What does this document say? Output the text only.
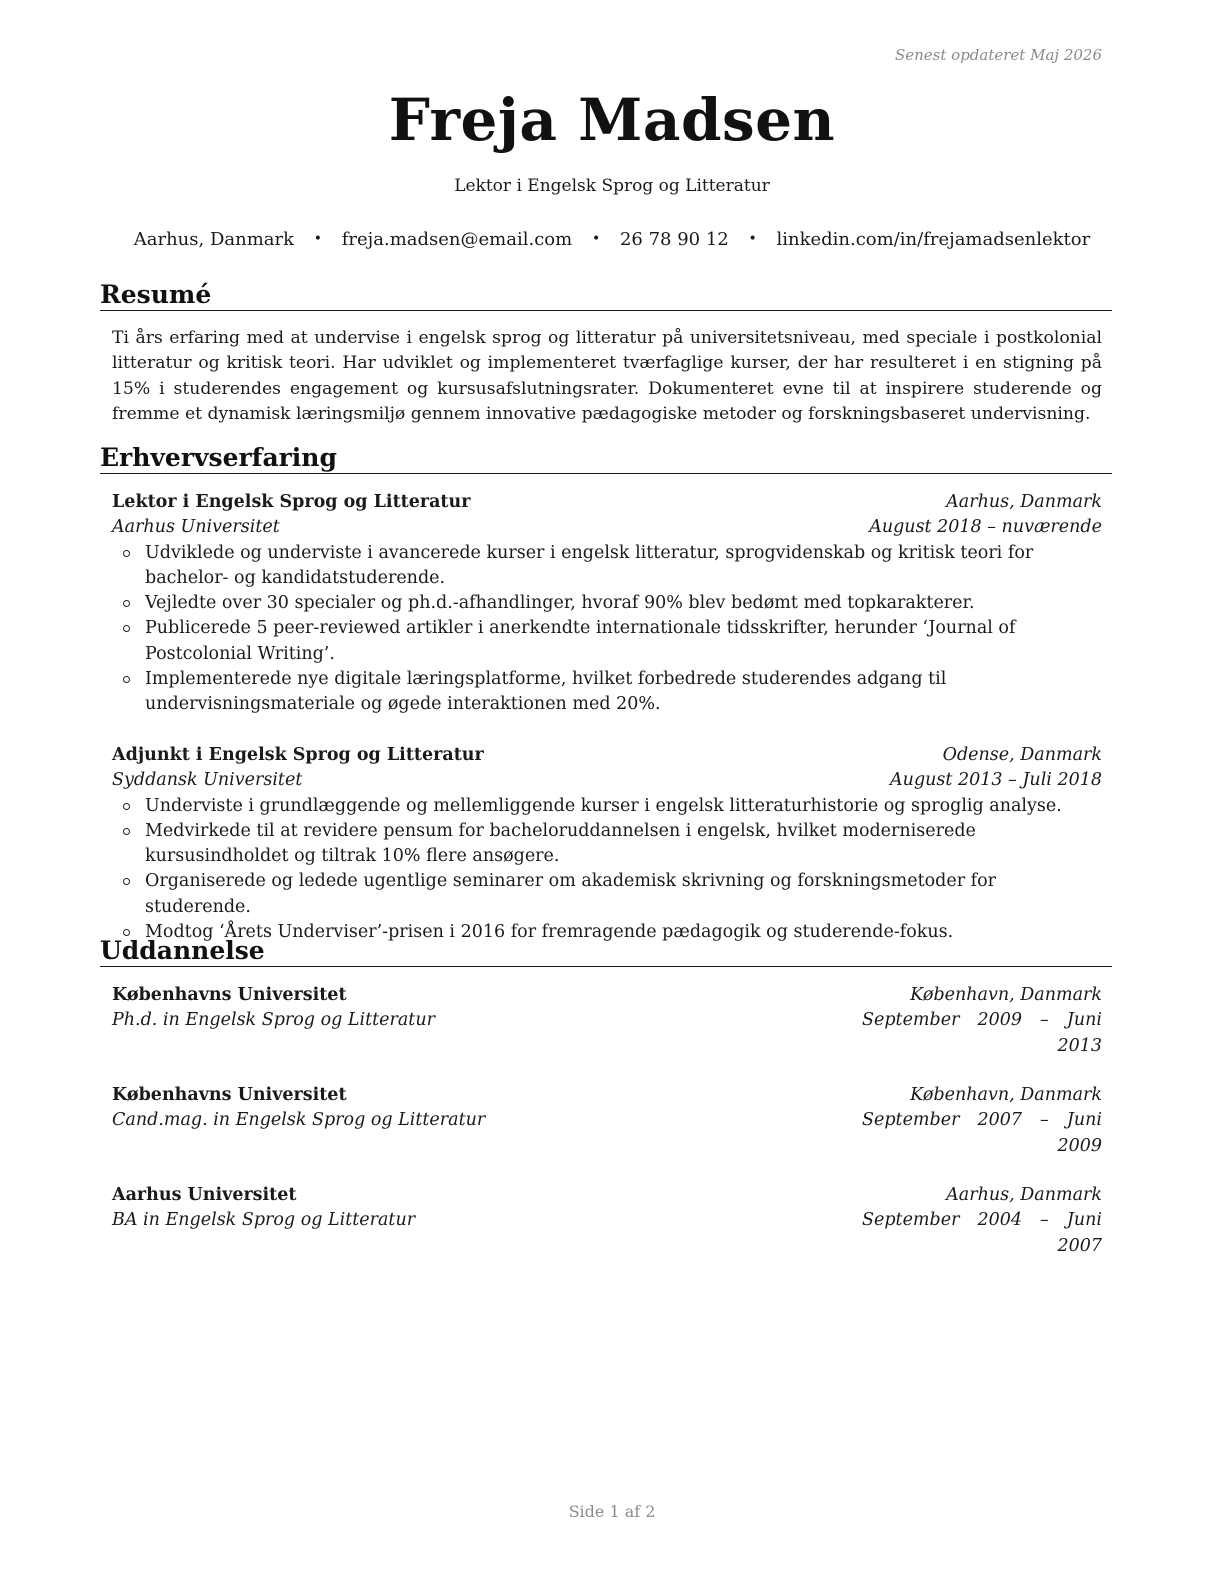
Senest opdateret Maj 2026
Freja Madsen
Lektor i Engelsk Sprog og Litteratur
Aarhus, Danmark • freja.madsen@email.com • 26 78 90 12 • linkedin.com/in/frejamadsenlektor
Resumé

Ti års erfaring med at undervise i engelsk sprog og litteratur på universitetsniveau, med speciale i postkolonial litteratur og kritisk teori. Har udviklet og implementeret tværfaglige kurser, der har resulteret i en stigning på 15% i studerendes engagement og kursusafslutningsrater. Dokumenteret evne til at inspirere studerende og fremme et dynamisk læringsmiljø gennem innovative pædagogiske metoder og forskningsbaseret undervisning.

Erhvervserfaring
Lektor i Engelsk Sprog og Litteratur	Aarhus, Danmark
Aarhus Universitet	August 2018 – nuværende
Udviklede og underviste i avancerede kurser i engelsk litteratur, sprogvidenskab og kritisk teori for bachelor- og kandidatstuderende.
Vejledte over 30 specialer og ph.d.-afhandlinger, hvoraf 90% blev bedømt med topkarakterer.
Publicerede 5 peer-reviewed artikler i anerkendte internationale tidsskrifter, herunder ‘Journal of Postcolonial Writing’.
Implementerede nye digitale læringsplatforme, hvilket forbedrede studerendes adgang til undervisningsmateriale og øgede interaktionen med 20%.
Adjunkt i Engelsk Sprog og Litteratur	Odense, Danmark
Syddansk Universitet	August 2013 – Juli 2018
Underviste i grundlæggende og mellemliggende kurser i engelsk litteraturhistorie og sproglig analyse.
Medvirkede til at revidere pensum for bacheloruddannelsen i engelsk, hvilket moderniserede kursusindholdet og tiltrak 10% flere ansøgere.
Organiserede og ledede ugentlige seminarer om akademisk skrivning og forskningsmetoder for studerende.
Modtog ‘Årets Underviser’-prisen i 2016 for fremragende pædagogik og studerende-fokus.
Uddannelse
Københavns Universitet	København, Danmark
Ph.d. in Engelsk Sprog og Litteratur	September 2009 – Juni
2013
Københavns Universitet	København, Danmark
Cand.mag. in Engelsk Sprog og Litteratur	September 2007 – Juni
2009
Aarhus Universitet	Aarhus, Danmark
BA in Engelsk Sprog og Litteratur	September 2004 – Juni
2007
Side 1 af 2
